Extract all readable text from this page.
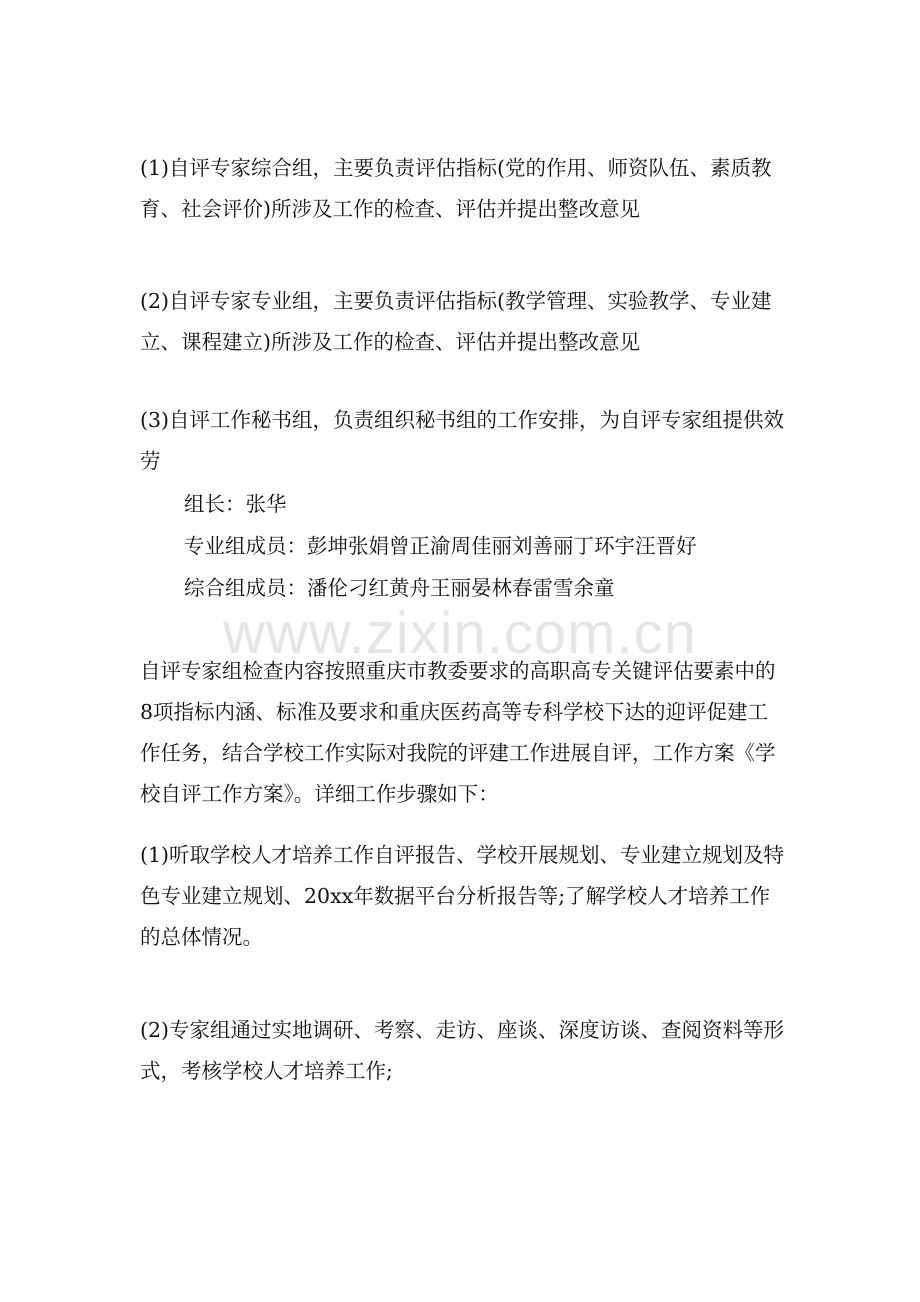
(1)自评专家综合组，主要负责评估指标(党的作用、师资队伍、素质教育、社会评价)所涉及工作的检查、评估并提出整改意见

(2)自评专家专业组，主要负责评估指标(教学管理、实验教学、专业建立、课程建立)所涉及工作的检查、评估并提出整改意见

(3)自评工作秘书组，负责组织秘书组的工作安排，为自评专家组提供效劳

组长：张华

专业组成员：彭坤张娟曾正渝周佳丽刘善丽丁环宇汪晋好

综合组成员：潘伦刁红黄舟王丽晏林春雷雪余童

www.zixin.com.cn

自评专家组检查内容按照重庆市教委要求的高职高专关键评估要素中的8项指标内涵、标准及要求和重庆医药高等专科学校下达的迎评促建工作任务，结合学校工作实际对我院的评建工作进展自评，工作方案《学校自评工作方案》。详细工作步骤如下：

(1)听取学校人才培养工作自评报告、学校开展规划、专业建立规划及特色专业建立规划、20xx年数据平台分析报告等;了解学校人才培养工作的总体情况。

(2)专家组通过实地调研、考察、走访、座谈、深度访谈、查阅资料等形式，考核学校人才培养工作;
